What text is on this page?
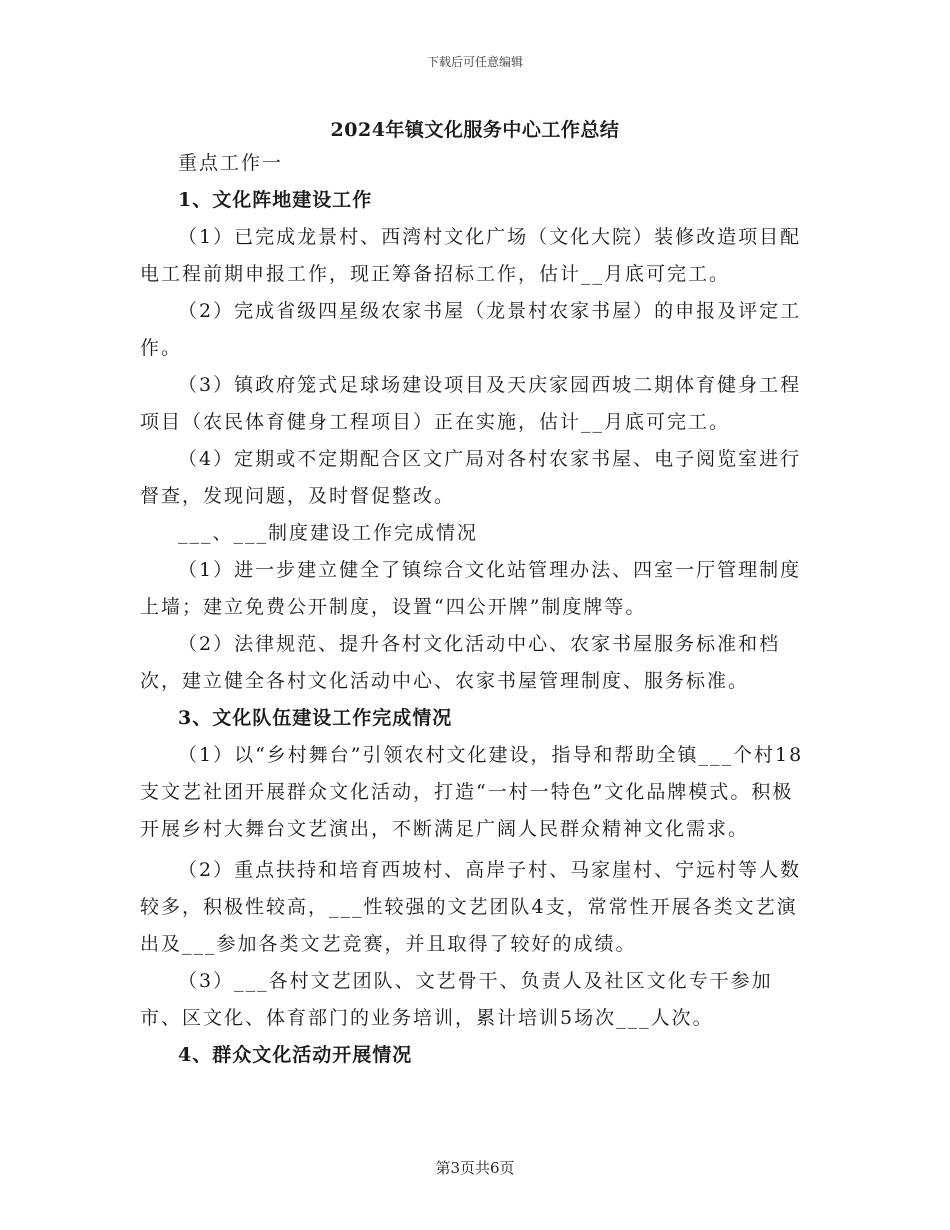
下载后可任意编辑
2024年镇文化服务中心工作总结

重点工作一

1、文化阵地建设工作

（1）已完成龙景村、西湾村文化广场（文化大院）装修改造项目配电工程前期申报工作，现正筹备招标工作，估计__月底可完工。

（2）完成省级四星级农家书屋（龙景村农家书屋）的申报及评定工作。

（3）镇政府笼式足球场建设项目及天庆家园西坡二期体育健身工程项目（农民体育健身工程项目）正在实施，估计__月底可完工。

（4）定期或不定期配合区文广局对各村农家书屋、电子阅览室进行督查，发现问题，及时督促整改。

___、___制度建设工作完成情况

（1）进一步建立健全了镇综合文化站管理办法、四室一厅管理制度上墙；建立免费公开制度，设置“四公开牌”制度牌等。

（2）法律规范、提升各村文化活动中心、农家书屋服务标准和档次，建立健全各村文化活动中心、农家书屋管理制度、服务标准。

3、文化队伍建设工作完成情况

（1）以“乡村舞台”引领农村文化建设，指导和帮助全镇___个村18支文艺社团开展群众文化活动，打造“一村一特色”文化品牌模式。积极开展乡村大舞台文艺演出，不断满足广阔人民群众精神文化需求。

（2）重点扶持和培育西坡村、高岸子村、马家崖村、宁远村等人数较多，积极性较高，___性较强的文艺团队4支，常常性开展各类文艺演出及___参加各类文艺竞赛，并且取得了较好的成绩。

（3）___各村文艺团队、文艺骨干、负责人及社区文化专干参加市、区文化、体育部门的业务培训，累计培训5场次___人次。

4、群众文化活动开展情况

第3页共6页
